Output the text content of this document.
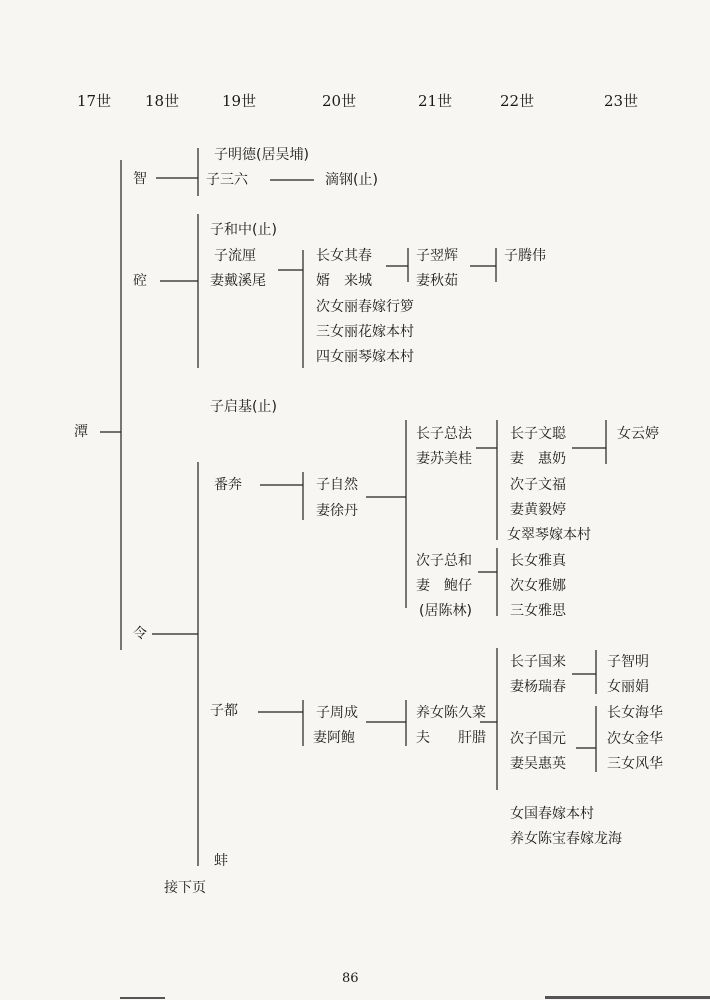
17世 18世	19世	20世	21世	22世	23世
潭
智
子明德(居吴埔)
子三六	滴钢(止)
硿
子和中(止)
子流厘
妻戴溪尾
长女其春
婿　来城
子翌辉
妻秋茹
子腾伟
次女丽春嫁行箩
三女丽花嫁本村
四女丽琴嫁本村
子启基(止)
令
番奔	子自然
妻徐丹
长子总法
妻苏美桂
长子文聪
妻　惠奶
女云婷
次子文福
妻黄毅婷
女翠琴嫁本村
次子总和
妻　鲍仔
(居陈林)
长女雅真
次女雅娜
三女雅思
子都	子周成
妻阿鲍
养女陈久菜
夫　　肝腊
长子国来
妻杨瑞春
子智明
女丽娟
次子国元
妻吴惠英
长女海华
次女金华
三女风华
女国春嫁本村
养女陈宝春嫁龙海
蚌
接下页
86
